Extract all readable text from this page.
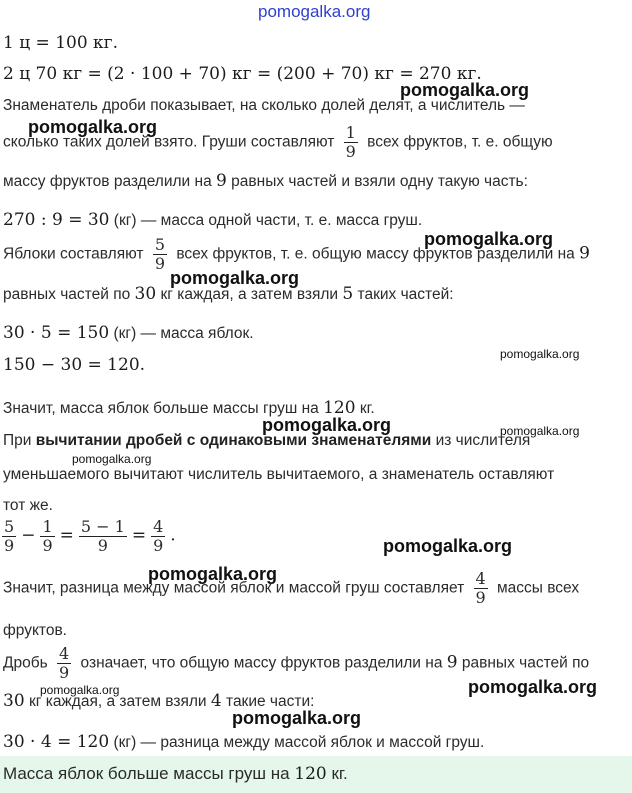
pomogalka.org
pomogalka.org
pomogalka.org
pomogalka.org
pomogalka.org
pomogalka.org
pomogalka.org	pomogalka.org
pomogalka.org
pomogalka.org
pomogalka.org
pomogalka.org
pomogalka.org
pomogalka.org
1 ц = 100 кг.
2 ц 70 кг = (2 · 100 + 70) кг = (200 + 70) кг = 270 кг.
Знаменатель дроби показывает, на сколько долей делят, а числитель —
сколько таких долей взято. Груши составляют $\frac{1}{9}$ всех фруктов, т. е. общую
массу фруктов разделили на 9 равных частей и взяли одну такую часть:
270 : 9 = 30 (кг) — масса одной части, т. е. масса груш.
Яблоки составляют $\frac{5}{9}$ всех фруктов, т. е. общую массу фруктов разделили на 9
равных частей по 30 кг каждая, а затем взяли 5 таких частей:
30 · 5 = 150 (кг) — масса яблок.
150 − 30 = 120.
Значит, масса яблок больше массы груш на 120 кг.
При вычитании дробей с одинаковыми знаменателями из числителя
уменьшаемого вычитают числитель вычитаемого, а знаменатель оставляют
тот же.
$\frac{5}{9} - \frac{1}{9} = \frac{5 - 1}{9} = \frac{4}{9}$ .
Значит, разница между массой яблок и массой груш составляет $\frac{4}{9}$ массы всех
фруктов.
Дробь $\frac{4}{9}$ означает, что общую массу фруктов разделили на 9 равных частей по
30 кг каждая, а затем взяли 4 такие части:
30 · 4 = 120 (кг) — разница между массой яблок и массой груш.
Масса яблок больше массы груш на 120 кг.
